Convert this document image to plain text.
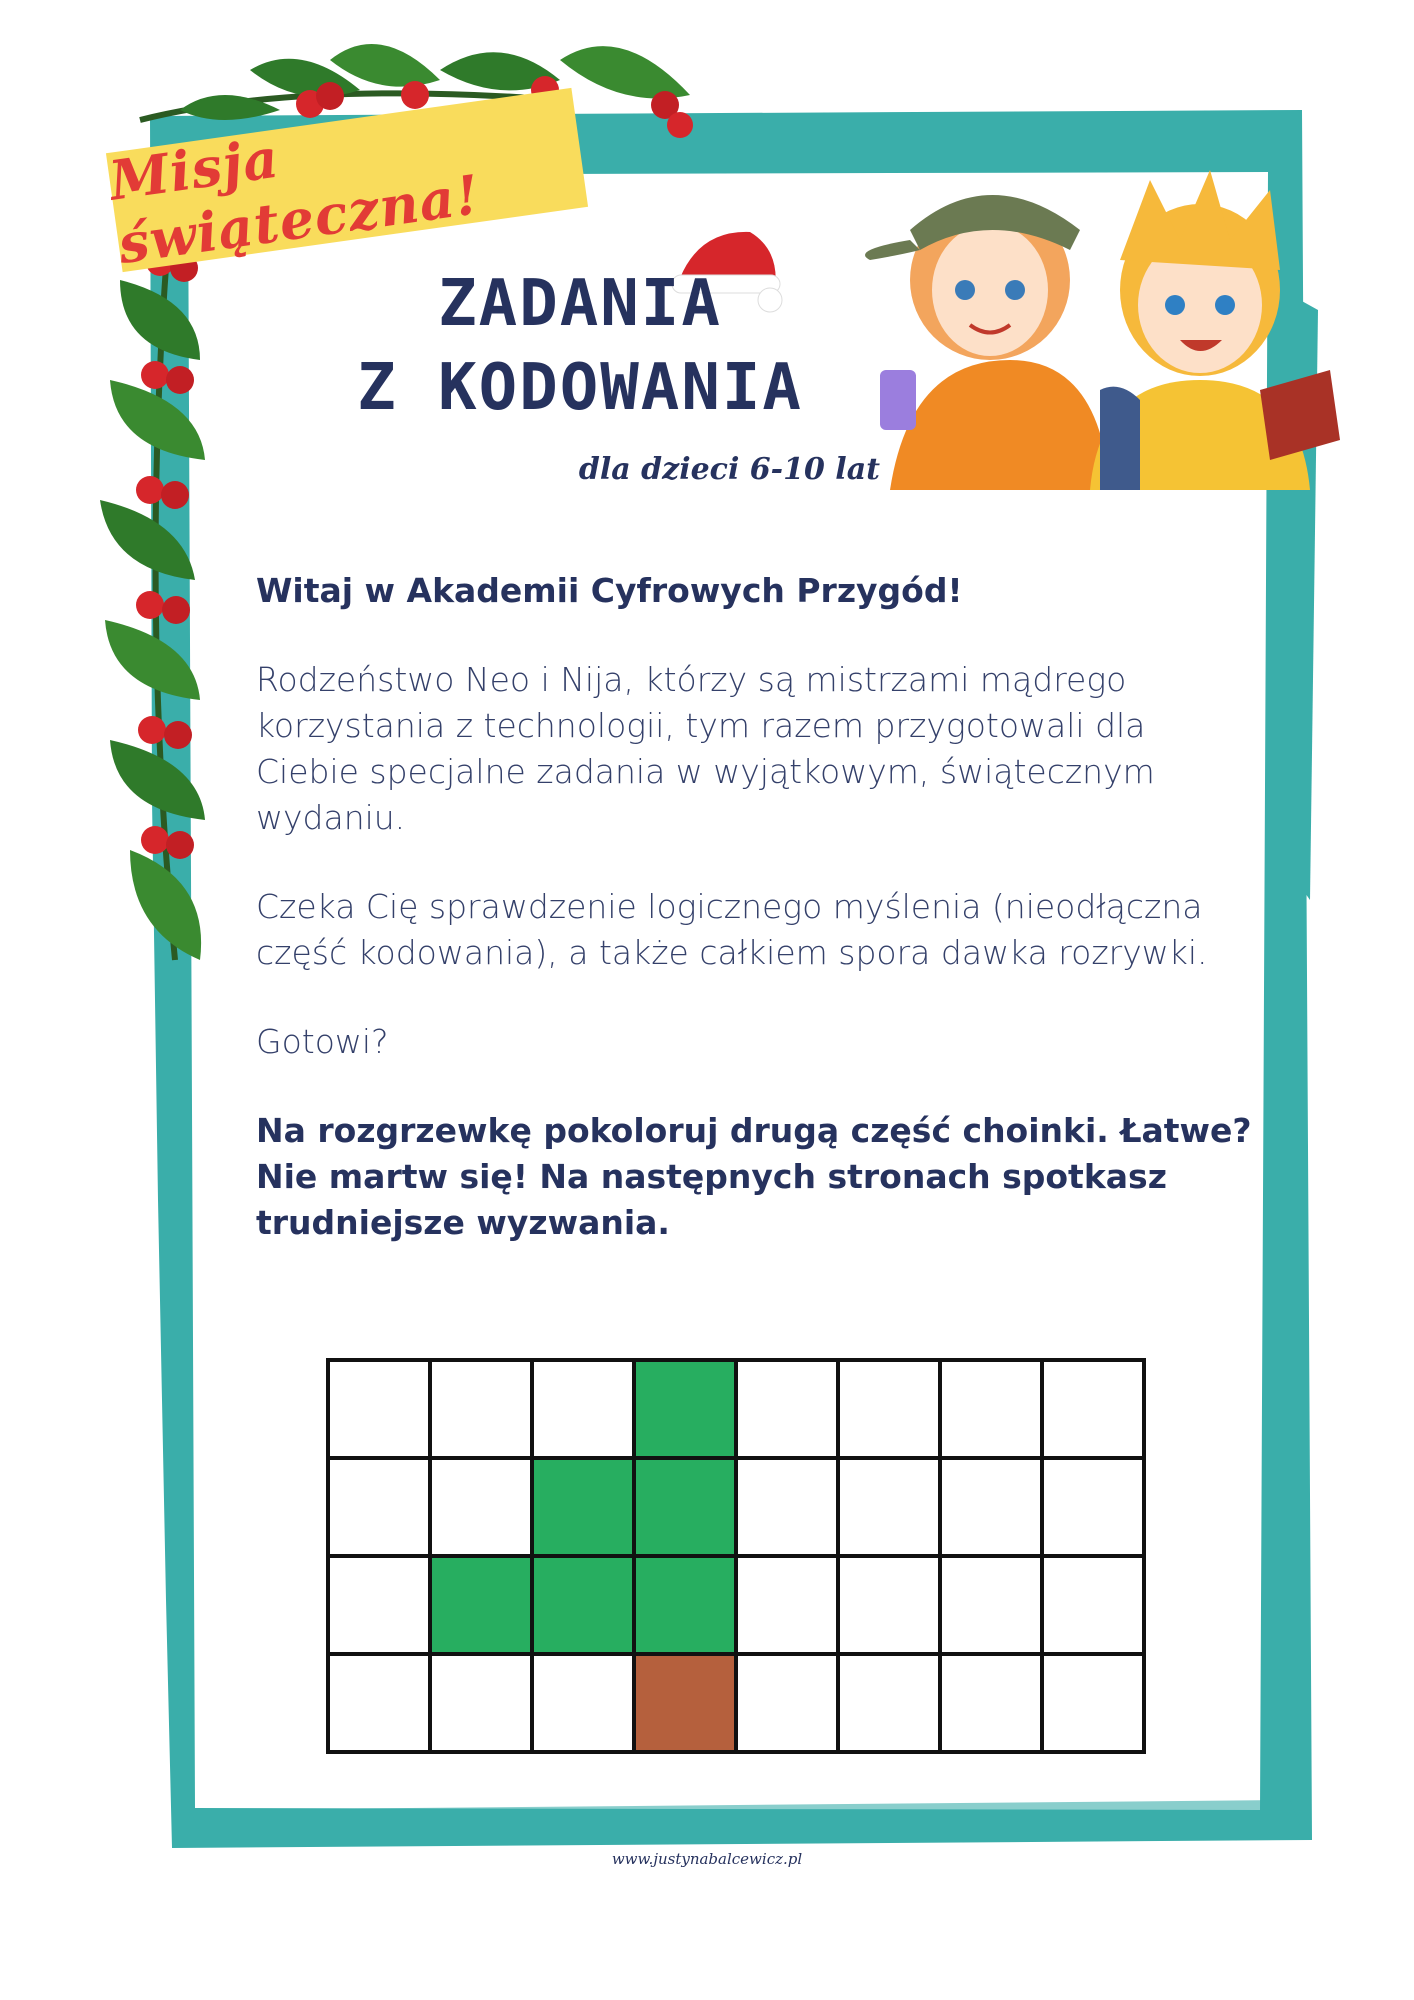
Misja świąteczna!
ZADANIA
Z KODOWANIA
dla dzieci 6-10 lat

Witaj w Akademii Cyfrowych Przygód!

Rodzeństwo Neo i Nija, którzy są mistrzami mądrego korzystania z technologii, tym razem przygotowali dla Ciebie specjalne zadania w wyjątkowym, świątecznym wydaniu.

Czeka Cię sprawdzenie logicznego myślenia (nieodłączna część kodowania), a także całkiem spora dawka rozrywki.

Gotowi?

Na rozgrzewkę pokoloruj drugą część choinki. Łatwe? Nie martw się! Na następnych stronach spotkasz trudniejsze wyzwania.

www.justynabalcewicz.pl
